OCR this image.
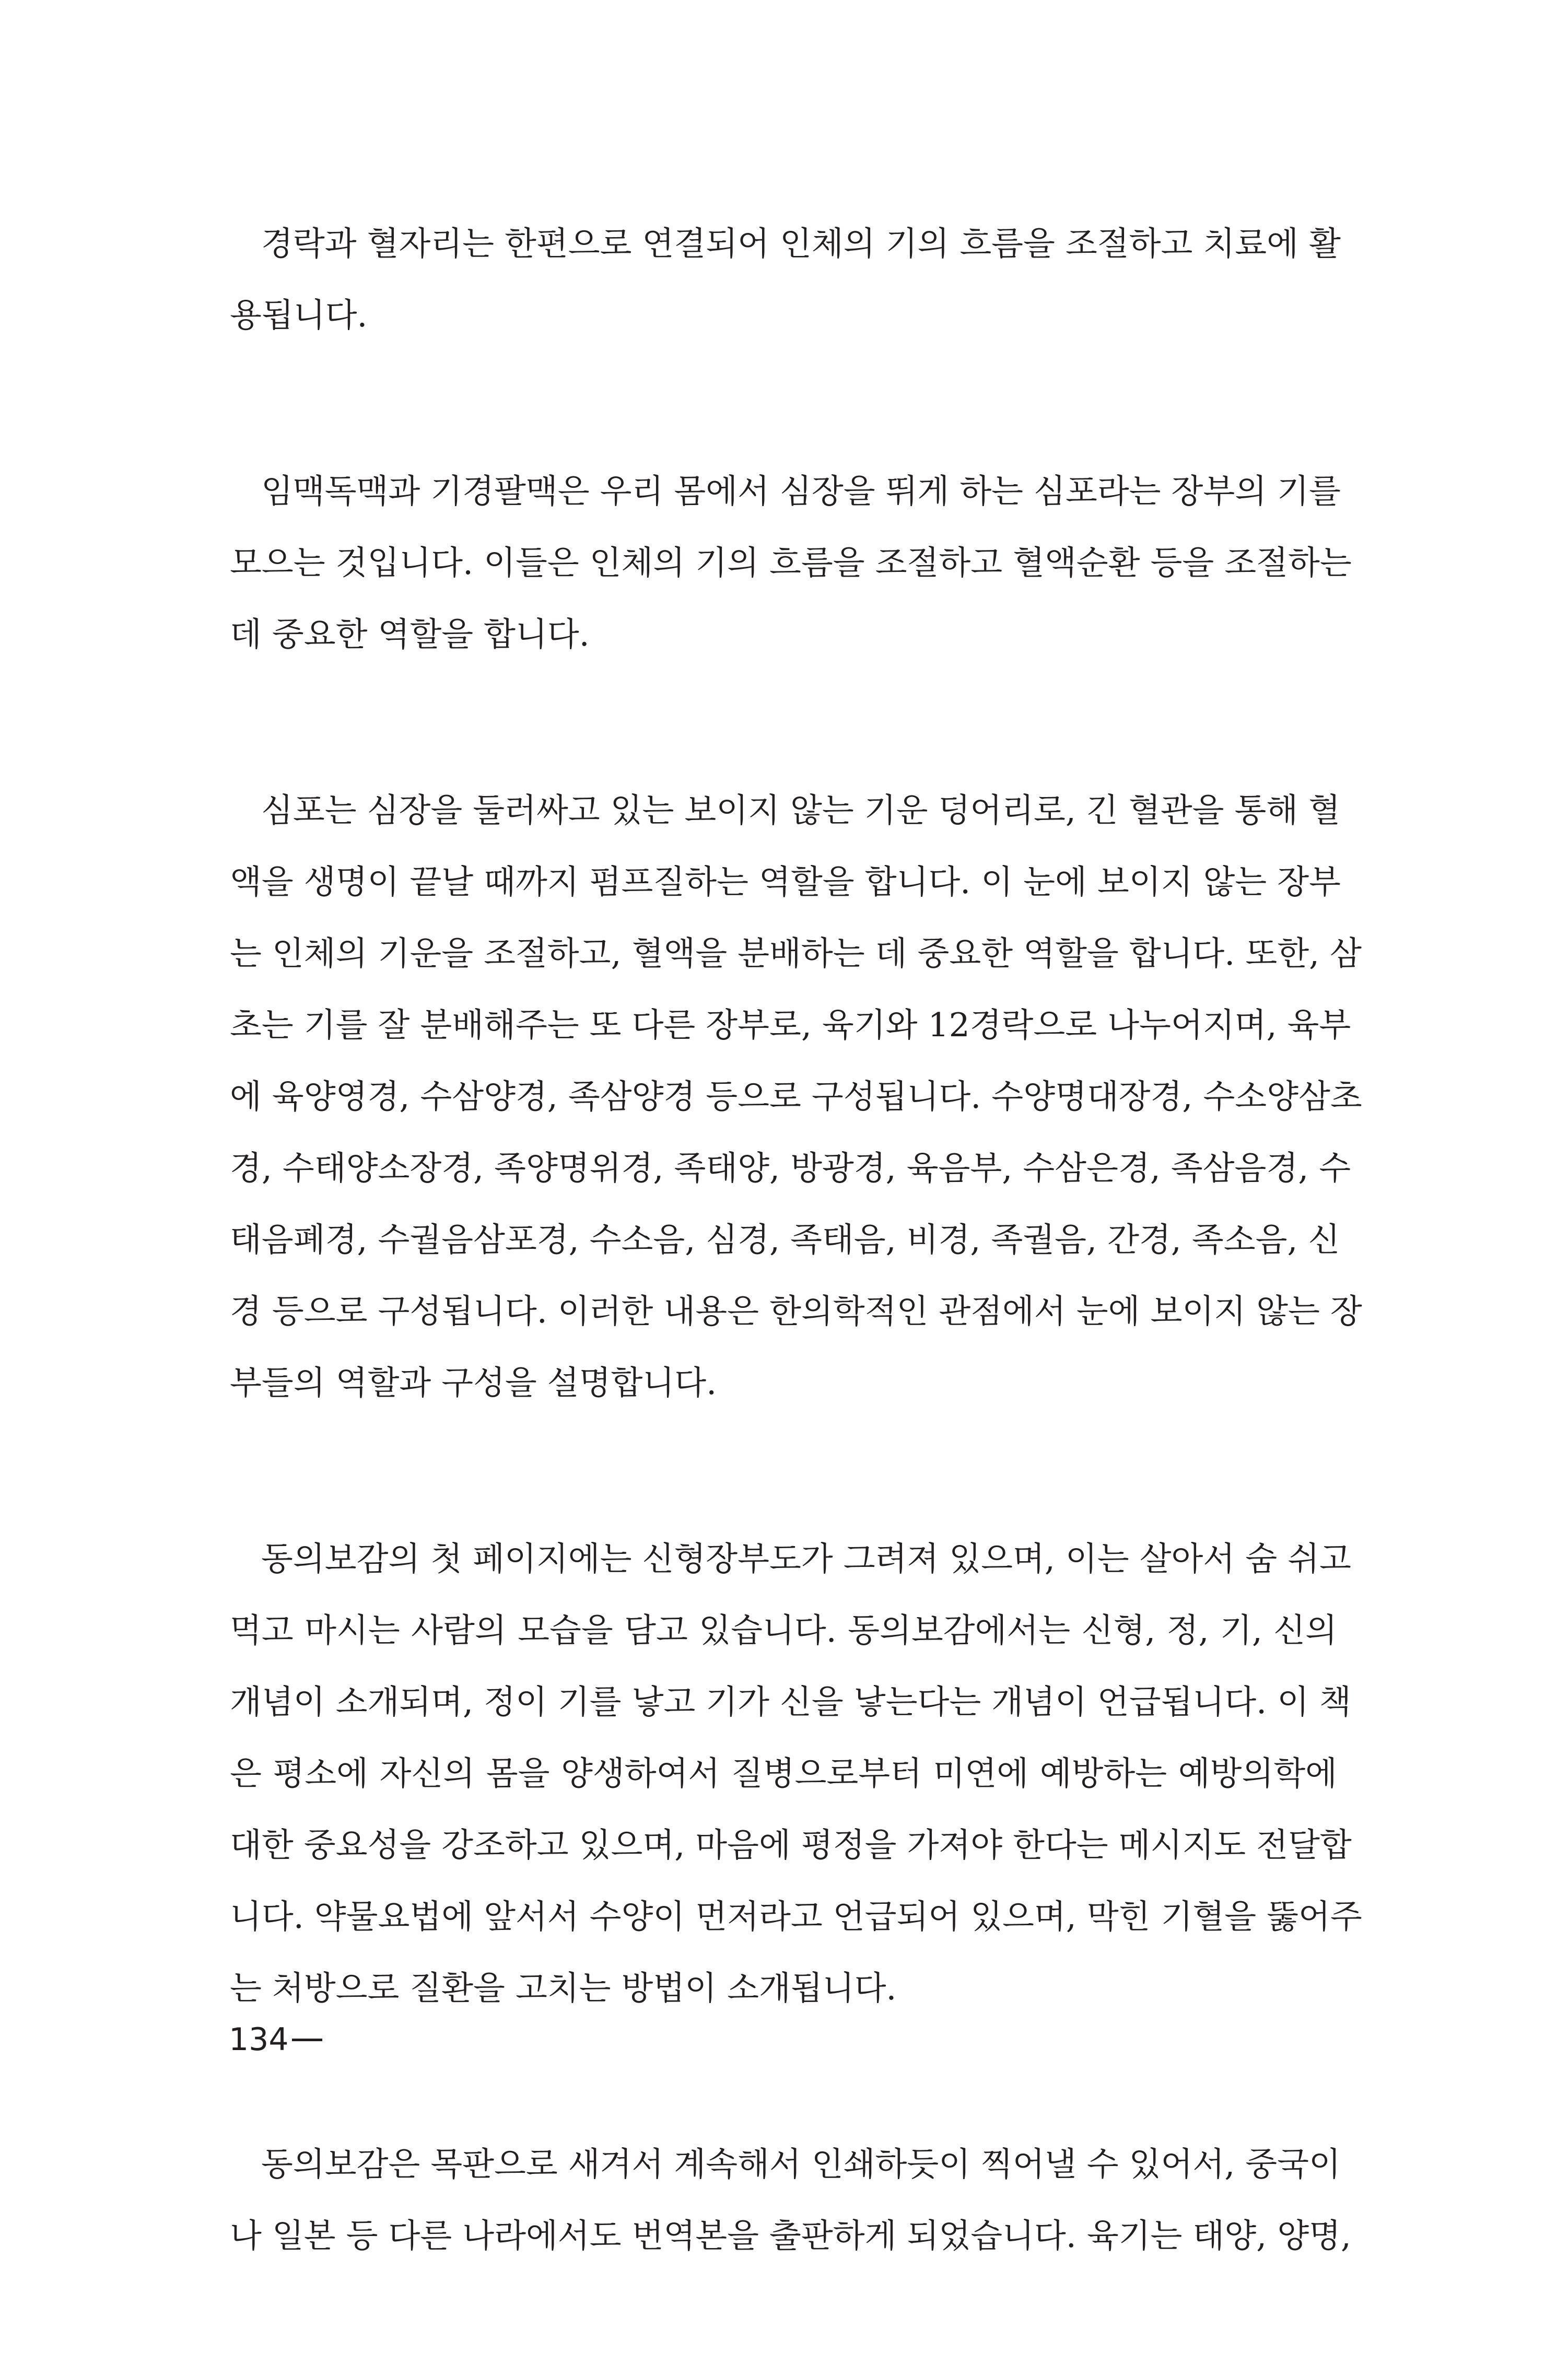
경락과 혈자리는 한편으로 연결되어 인체의 기의 흐름을 조절하고 치료에 활
용됩니다.

임맥독맥과 기경팔맥은 우리 몸에서 심장을 뛰게 하는 심포라는 장부의 기를
모으는 것입니다. 이들은 인체의 기의 흐름을 조절하고 혈액순환 등을 조절하는
데 중요한 역할을 합니다.

심포는 심장을 둘러싸고 있는 보이지 않는 기운 덩어리로, 긴 혈관을 통해 혈
액을 생명이 끝날 때까지 펌프질하는 역할을 합니다. 이 눈에 보이지 않는 장부
는 인체의 기운을 조절하고, 혈액을 분배하는 데 중요한 역할을 합니다. 또한, 삼
초는 기를 잘 분배해주는 또 다른 장부로, 육기와 12경락으로 나누어지며, 육부
에 육양영경, 수삼양경, 족삼양경 등으로 구성됩니다. 수양명대장경, 수소양삼초
경, 수태양소장경, 족양명위경, 족태양, 방광경, 육음부, 수삼은경, 족삼음경, 수
태음폐경, 수궐음삼포경, 수소음, 심경, 족태음, 비경, 족궐음, 간경, 족소음, 신
경 등으로 구성됩니다. 이러한 내용은 한의학적인 관점에서 눈에 보이지 않는 장
부들의 역할과 구성을 설명합니다.

동의보감의 첫 페이지에는 신형장부도가 그려져 있으며, 이는 살아서 숨 쉬고
먹고 마시는 사람의 모습을 담고 있습니다. 동의보감에서는 신형, 정, 기, 신의
개념이 소개되며, 정이 기를 낳고 기가 신을 낳는다는 개념이 언급됩니다. 이 책
은 평소에 자신의 몸을 양생하여서 질병으로부터 미연에 예방하는 예방의학에
대한 중요성을 강조하고 있으며, 마음에 평정을 가져야 한다는 메시지도 전달합
니다. 약물요법에 앞서서 수양이 먼저라고 언급되어 있으며, 막힌 기혈을 뚫어주
는 처방으로 질환을 고치는 방법이 소개됩니다.

동의보감은 목판으로 새겨서 계속해서 인쇄하듯이 찍어낼 수 있어서, 중국이
나 일본 등 다른 나라에서도 번역본을 출판하게 되었습니다. 육기는 태양, 양명,

134
